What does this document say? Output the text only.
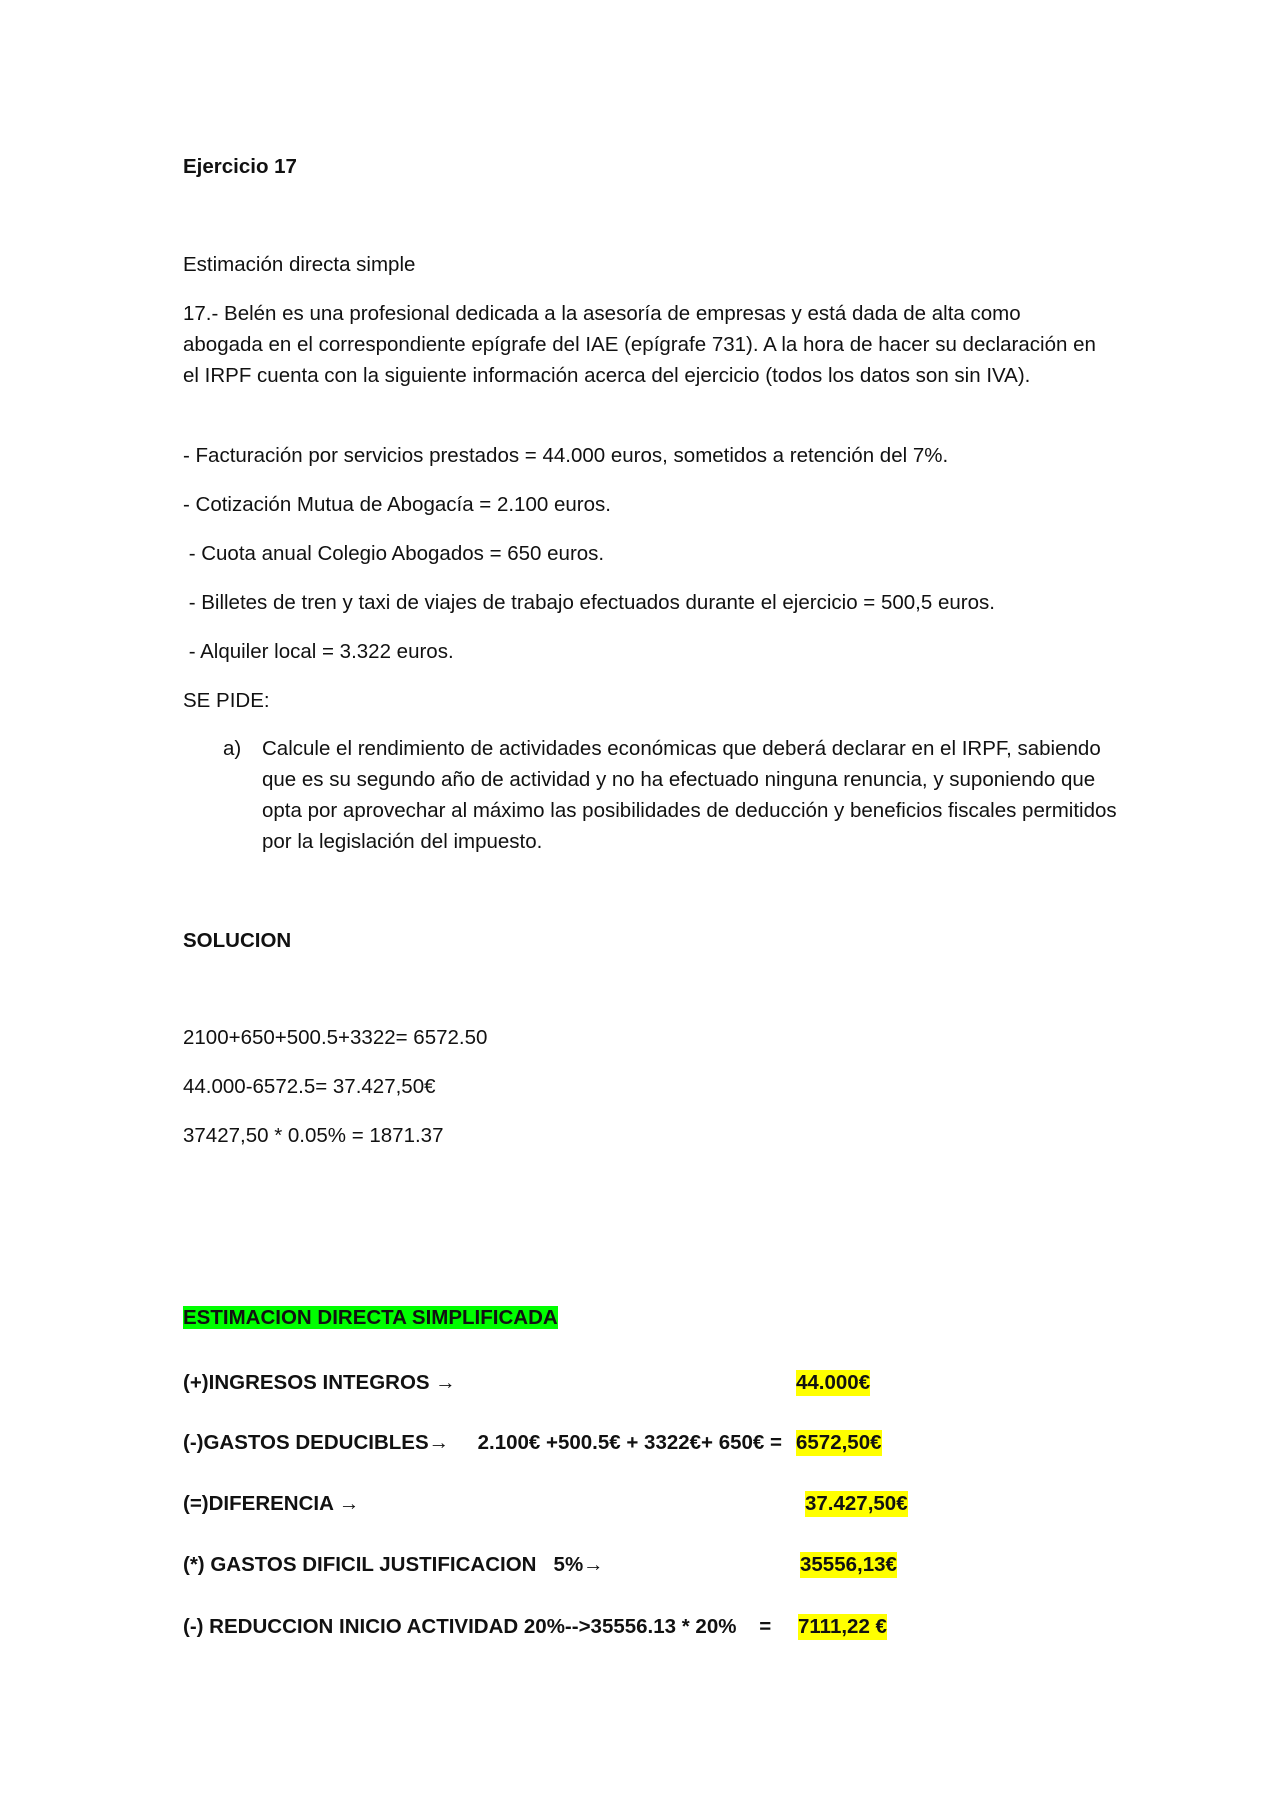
Ejercicio 17
Estimación directa simple
17.- Belén es una profesional dedicada a la asesoría de empresas y está dada de alta como abogada en el correspondiente epígrafe del IAE (epígrafe 731). A la hora de hacer su declaración en el IRPF cuenta con la siguiente información acerca del ejercicio (todos los datos son sin IVA).
- Facturación por servicios prestados = 44.000 euros, sometidos a retención del 7%.
- Cotización Mutua de Abogacía = 2.100 euros.
- Cuota anual Colegio Abogados = 650 euros.
- Billetes de tren y taxi de viajes de trabajo efectuados durante el ejercicio = 500,5 euros.
- Alquiler local = 3.322 euros.
SE PIDE:
a) Calcule el rendimiento de actividades económicas que deberá declarar en el IRPF, sabiendo que es su segundo año de actividad y no ha efectuado ninguna renuncia, y suponiendo que opta por aprovechar al máximo las posibilidades de deducción y beneficios fiscales permitidos por la legislación del impuesto.
SOLUCION
2100+650+500.5+3322= 6572.50
44.000-6572.5= 37.427,50€
37427,50 * 0.05% = 1871.37
ESTIMACION DIRECTA SIMPLIFICADA
(+)INGRESOS INTEGROS →	44.000€
(-)GASTOS DEDUCIBLES→     2.100€ +500.5€ + 3322€+ 650€ = 6572,50€
(=)DIFERENCIA →	37.427,50€
(*) GASTOS DIFICIL JUSTIFICACION   5%→	35556,13€
(-) REDUCCION INICIO ACTIVIDAD 20%-->35556.13 * 20%    = 7111,22 €
